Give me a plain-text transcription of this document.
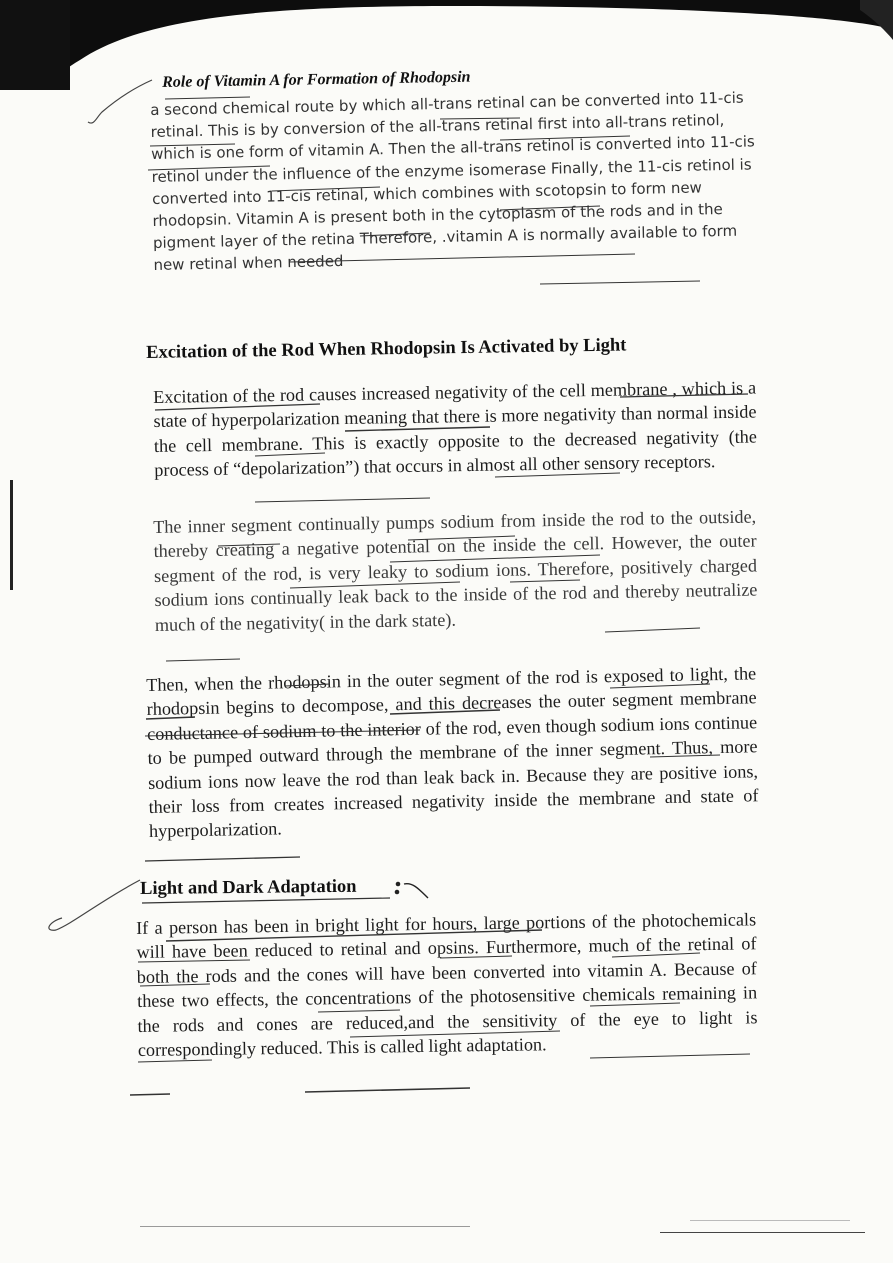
Role of Vitamin A for Formation of Rhodopsin

a second chemical route by which all-trans retinal can be converted into 11-cis retinal. This is by conversion of the all-trans retinal first into all-trans retinol, which is one form of vitamin A. Then the all-trans retinol is converted into 11-cis retinol under the influence of the enzyme isomerase Finally, the 11-cis retinol is converted into 11-cis retinal, which combines with scotopsin to form new rhodopsin. Vitamin A is present both in the cytoplasm of the rods and in the pigment layer of the retina Therefore, .vitamin A is normally available to form new retinal when needed

Excitation of the Rod When Rhodopsin Is Activated by Light

Excitation of the rod causes increased negativity of the cell membrane , which is a state of hyperpolarization meaning that there is more negativity than normal inside the cell membrane. This is exactly opposite to the decreased negativity (the process of “depolarization”) that occurs in almost all other sensory receptors.

The inner segment continually pumps sodium from inside the rod to the outside, thereby creating a negative potential on the inside the cell. However, the outer segment of the rod, is very leaky to sodium ions. Therefore, positively charged sodium ions continually leak back to the inside of the rod and thereby neutralize much of the negativity( in the dark state).

Then, when the rhodopsin in the outer segment of the rod is exposed to light, the rhodopsin begins to decompose, and this decreases the outer segment membrane conductance of sodium to the interior of the rod, even though sodium ions continue to be pumped outward through the membrane of the inner segment. Thus, more sodium ions now leave the rod than leak back in. Because they are positive ions, their loss from creates increased negativity inside the membrane and state of hyperpolarization.

Light and Dark Adaptation

If a person has been in bright light for hours, large portions of the photochemicals will have been reduced to retinal and opsins. Furthermore, much of the retinal of both the rods and the cones will have been converted into vitamin A. Because of these two effects, the concentrations of the photosensitive chemicals remaining in the rods and cones are reduced,and the sensitivity of the eye to light is correspondingly reduced. This is called light adaptation.
